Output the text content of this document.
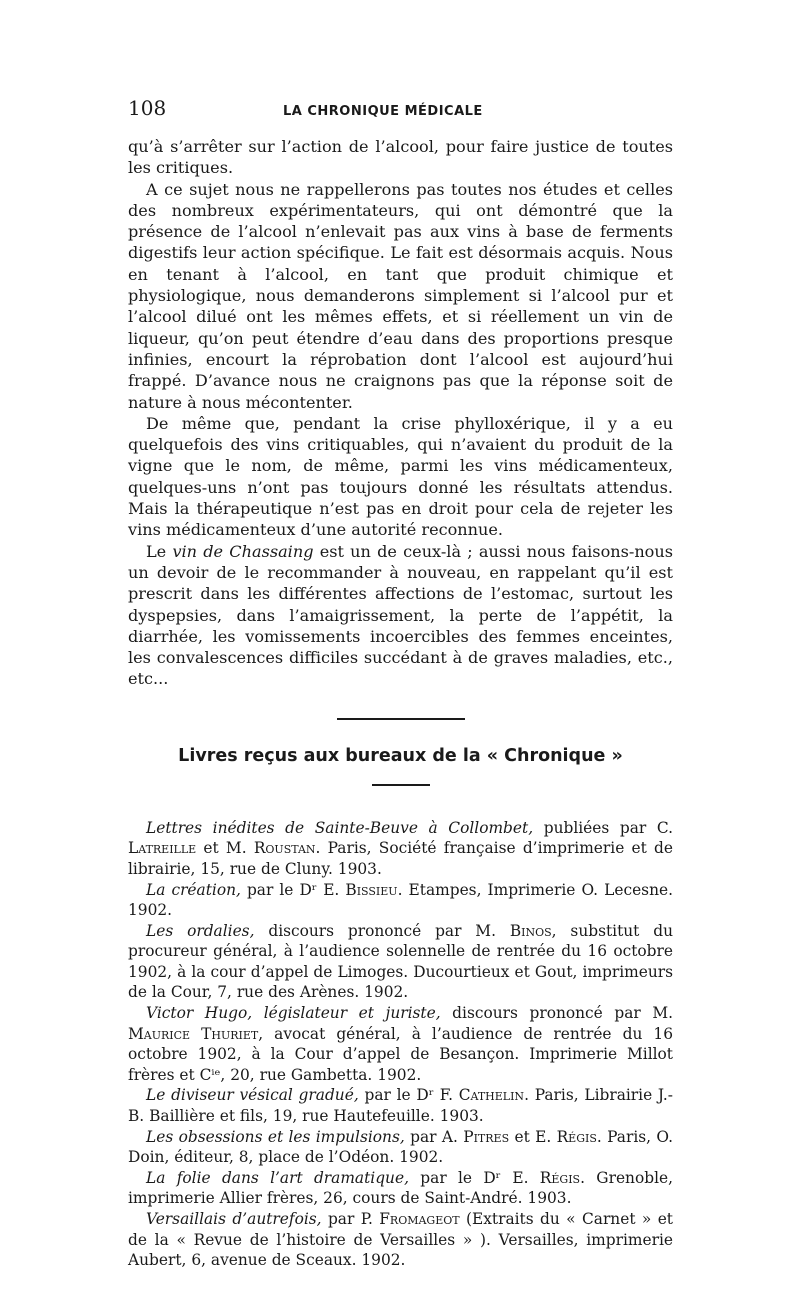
108	LA CHRONIQUE MÉDICALE

qu’à s’arrêter sur l’action de l’alcool, pour faire justice de toutes les critiques.

A ce sujet nous ne rappellerons pas toutes nos études et celles des nombreux expérimentateurs, qui ont démontré que la présence de l’alcool n’enlevait pas aux vins à base de ferments digestifs leur action spécifique. Le fait est désormais acquis. Nous en tenant à l’alcool, en tant que produit chimique et physiologique, nous demanderons simplement si l’alcool pur et l’alcool dilué ont les mêmes effets, et si réellement un vin de liqueur, qu’on peut étendre d’eau dans des proportions presque infinies, encourt la réprobation dont l’alcool est aujourd’hui frappé. D’avance nous ne craignons pas que la réponse soit de nature à nous mécontenter.

De même que, pendant la crise phylloxérique, il y a eu quelquefois des vins critiquables, qui n’avaient du produit de la vigne que le nom, de même, parmi les vins médicamenteux, quelques-uns n’ont pas toujours donné les résultats attendus. Mais la thérapeutique n’est pas en droit pour cela de rejeter les vins médicamenteux d’une autorité reconnue.

Le vin de Chassaing est un de ceux-là ; aussi nous faisons-nous un devoir de le recommander à nouveau, en rappelant qu’il est prescrit dans les différentes affections de l’estomac, surtout les dyspepsies, dans l’amaigrissement, la perte de l’appétit, la diarrhée, les vomissements incoercibles des femmes enceintes, les convalescences difficiles succédant à de graves maladies, etc., etc...

Livres reçus aux bureaux de la « Chronique »

Lettres inédites de Sainte-Beuve à Collombet, publiées par C. Latreille et M. Roustan. Paris, Société française d’imprimerie et de librairie, 15, rue de Cluny. 1903.

La création, par le Dʳ E. Bissieu. Etampes, Imprimerie O. Lecesne. 1902.

Les ordalies, discours prononcé par M. Binos, substitut du procureur général, à l’audience solennelle de rentrée du 16 octobre 1902, à la cour d’appel de Limoges. Ducourtieux et Gout, imprimeurs de la Cour, 7, rue des Arènes. 1902.

Victor Hugo, législateur et juriste, discours prononcé par M. Maurice Thuriet, avocat général, à l’audience de rentrée du 16 octobre 1902, à la Cour d’appel de Besançon. Imprimerie Millot frères et Cⁱᵉ, 20, rue Gambetta. 1902.

Le diviseur vésical gradué, par le Dʳ F. Cathelin. Paris, Librairie J.-B. Baillière et fils, 19, rue Hautefeuille. 1903.

Les obsessions et les impulsions, par A. Pitres et E. Régis. Paris, O. Doin, éditeur, 8, place de l’Odéon. 1902.

La folie dans l’art dramatique, par le Dʳ E. Régis. Grenoble, imprimerie Allier frères, 26, cours de Saint-André. 1903.

Versaillais d’autrefois, par P. Fromageot (Extraits du « Carnet » et de la « Revue de l’histoire de Versailles » ). Versailles, imprimerie Aubert, 6, avenue de Sceaux. 1902.
